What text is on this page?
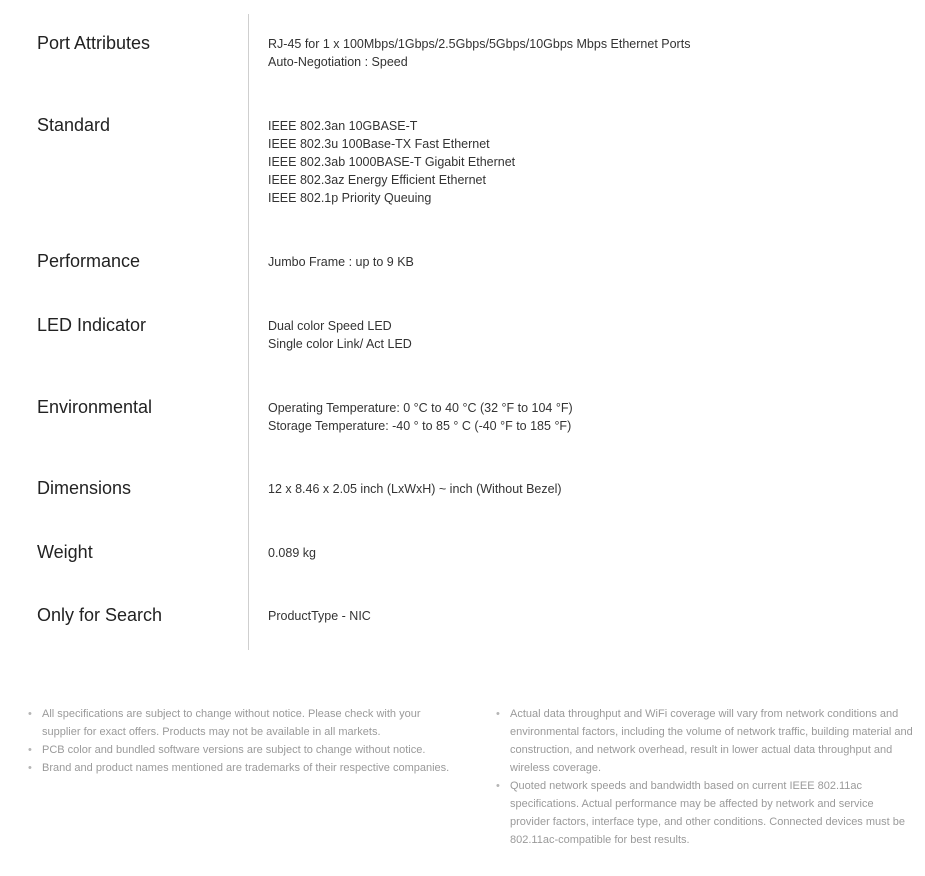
Port Attributes	RJ-45 for 1 x 100Mbps/1Gbps/2.5Gbps/5Gbps/10Gbps Mbps Ethernet Ports
Auto-Negotiation : Speed
Standard	IEEE 802.3an 10GBASE-T
IEEE 802.3u 100Base-TX Fast Ethernet
IEEE 802.3ab 1000BASE-T Gigabit Ethernet
IEEE 802.3az Energy Efficient Ethernet
IEEE 802.1p Priority Queuing
Performance	Jumbo Frame : up to 9 KB
LED Indicator	Dual color Speed LED
Single color Link/ Act LED
Environmental	Operating Temperature: 0 °C to 40 °C (32 °F to 104 °F)
Storage Temperature: -40 ° to 85 ° C (-40 °F to 185 °F)
Dimensions	12 x 8.46 x 2.05 inch (LxWxH) ~ inch (Without Bezel)
Weight	0.089 kg
Only for Search	ProductType - NIC
• All specifications are subject to change without notice. Please check with your supplier for exact offers. Products may not be available in all markets.
• PCB color and bundled software versions are subject to change without notice.
• Brand and product names mentioned are trademarks of their respective companies.
• Actual data throughput and WiFi coverage will vary from network conditions and environmental factors, including the volume of network traffic, building material and construction, and network overhead, result in lower actual data throughput and wireless coverage.
• Quoted network speeds and bandwidth based on current IEEE 802.11ac specifications. Actual performance may be affected by network and service provider factors, interface type, and other conditions. Connected devices must be 802.11ac-compatible for best results.
